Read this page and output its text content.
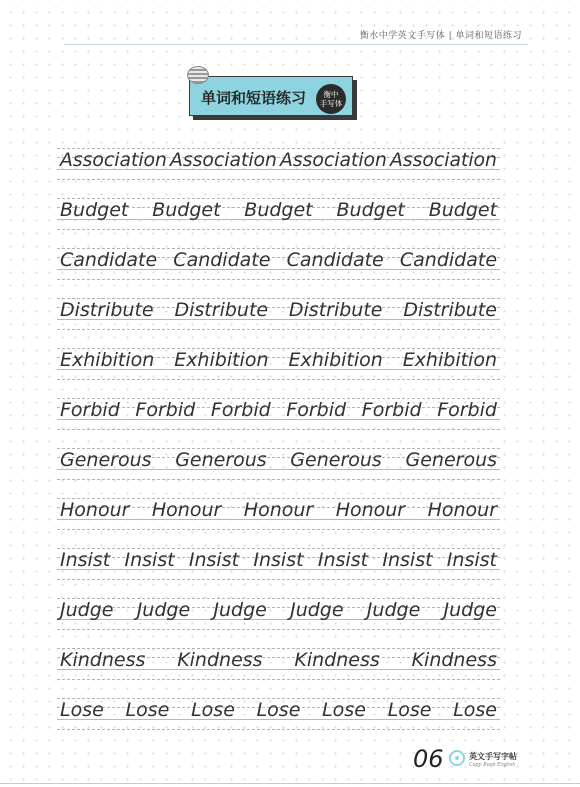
衡水中学英文手写体 | 单词和短语练习
单词和短语练习 衡中
手写体
Association Association Association Association
Budget Budget Budget Budget Budget
Candidate Candidate Candidate Candidate
Distribute Distribute Distribute Distribute
Exhibition Exhibition Exhibition Exhibition
Forbid Forbid Forbid Forbid Forbid Forbid
Generous Generous Generous Generous
Honour Honour Honour Honour Honour
Insist Insist Insist Insist Insist Insist Insist
Judge Judge Judge Judge Judge Judge
Kindness Kindness Kindness Kindness
Lose Lose Lose Lose Lose Lose Lose
06	英文手写字帖
Copy Book English
